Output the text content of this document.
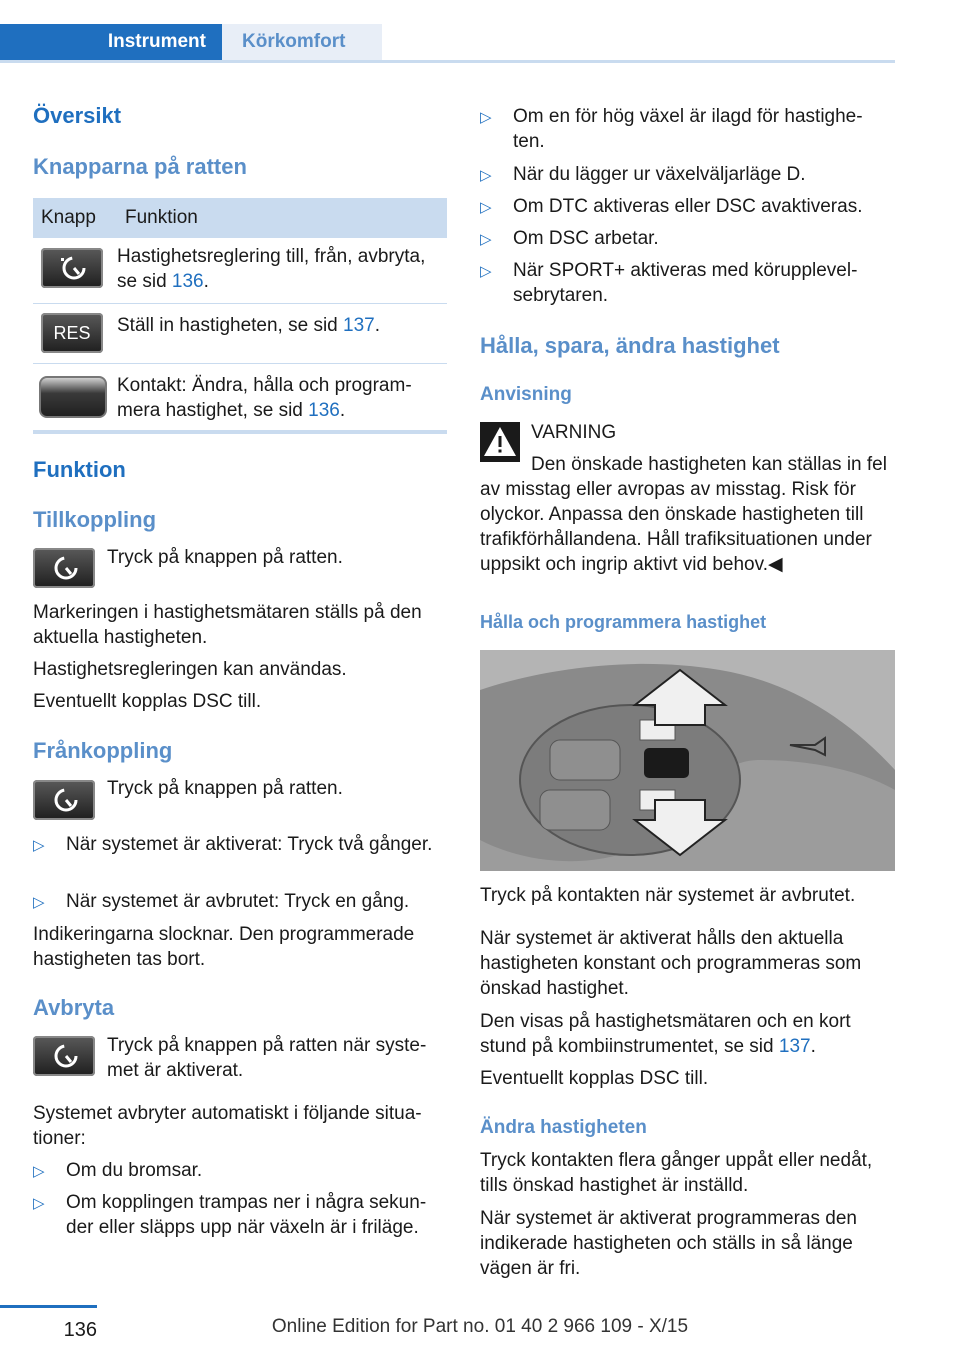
Instrument	Körkomfort
Översikt
Knapparna på ratten
Knapp	Funktion
Hastighetsreglering till, från, avbryta, se sid 136.
RES	Ställ in hastigheten, se sid 137.
Kontakt: Ändra, hålla och programmera hastighet, se sid 136.
Funktion
Tillkoppling
Tryck på knappen på ratten.
Markeringen i hastighetsmätaren ställs på den aktuella hastigheten.
Hastighetsregleringen kan användas.
Eventuellt kopplas DSC till.
Frånkoppling
Tryck på knappen på ratten.
▷ När systemet är aktiverat: Tryck två gånger.
▷ När systemet är avbrutet: Tryck en gång.
Indikeringarna slocknar. Den programmerade hastigheten tas bort.
Avbryta
Tryck på knappen på ratten när systemet är aktiverat.
Systemet avbryter automatiskt i följande situationer:
▷ Om du bromsar.
▷ Om kopplingen trampas ner i några sekunder eller släpps upp när växeln är i friläge.
▷ Om en för hög växel är ilagd för hastigheten.
▷ När du lägger ur växelväljarläge D.
▷ Om DTC aktiveras eller DSC avaktiveras.
▷ Om DSC arbetar.
▷ När SPORT+ aktiveras med körupplevelsebrytaren.
Hålla, spara, ändra hastighet
Anvisning
VARNING
Den önskade hastigheten kan ställas in fel av misstag eller avropas av misstag. Risk för olyckor. Anpassa den önskade hastigheten till trafikförhållandena. Håll trafiksituationen under uppsikt och ingrip aktivt vid behov.◀
Hålla och programmera hastighet
Tryck på kontakten när systemet är avbrutet.
När systemet är aktiverat hålls den aktuella hastigheten konstant och programmeras som önskad hastighet.
Den visas på hastighetsmätaren och en kort stund på kombiinstrumentet, se sid 137.
Eventuellt kopplas DSC till.
Ändra hastigheten
Tryck kontakten flera gånger uppåt eller nedåt, tills önskad hastighet är inställd.
När systemet är aktiverat programmeras den indikerade hastigheten och ställs in så länge vägen är fri.
136	Online Edition for Part no. 01 40 2 966 109 - X/15
